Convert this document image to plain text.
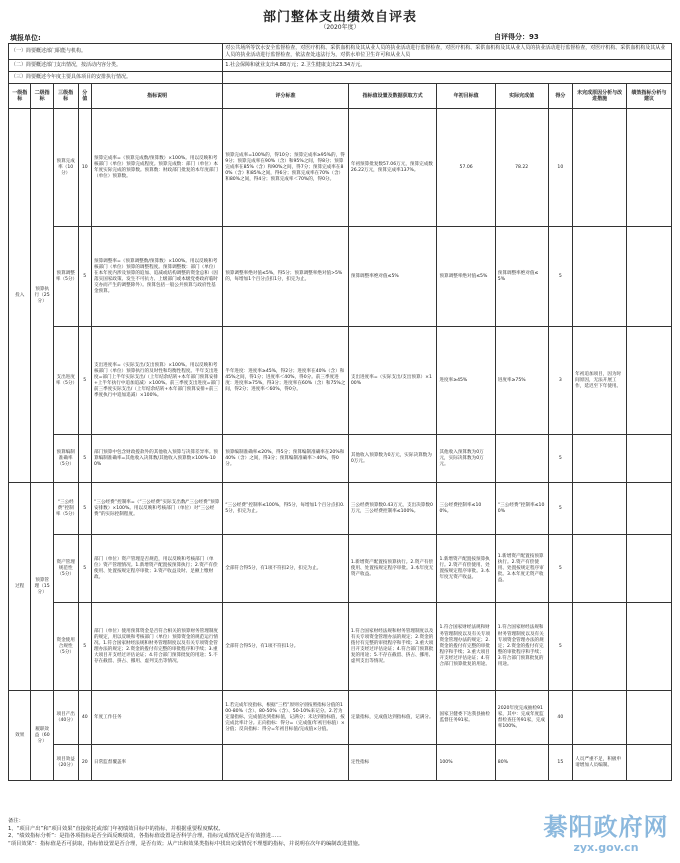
部门整体支出绩效自评表
（2020年度）
填报单位:	自评得分：93
（一）简要概述部门职能与机构。					对公共场所等饮水安全监督检查，对医疗机构、采供血机构及其从业人员的执业活动进行监督检查，对医疗机构、采供血机构及其从业人员的执业活动进行监督检查，对医疗机构、采供血机构及其从业人员的执业活动进行监督检查，依法查处违法行为，对供水单位卫生许可和从业人员						
（二）简要概述部门支出情况，按活动内容分类。					1.社会保障和就业支出4.88万元；2.卫生健康支出23.34万元。						
（三）简要概述今年度主要具体项目的安排执行情况。											
一级指标	二级指标	三级指标	分值	指标说明	评分标准	指标值设置及数据获取方式	年初目标值	实际完成值	得分	未完成原因分析与改进措施	绩效指标分析与建议
投入	预算执行（25分）	预算完成率（10分）	10	预算完成率=（预算完成数/预算数）×100%。用以反映和考核部门（单位）预算完成程度。预算完成数：部门（单位）本年度实际完成的预算数。预算数：财政部门批复的本年度部门（单位）预算数。	预算完成率=100%的，得10分；预算完成率≥95%的，得9分；预算完成率在90%（含）和95%之间，得8分；预算完成率在85%（含）和90%之间，得7分；预算完成率在80%（含）和85%之间，得6分；预算完成率在70%（含）和80%之间，得4分；预算完成率＜70%的，得0分。	年初预算批复数57.06万元，预算完成数26.22万元，预算完成率137%。	57.06	78.22	10		
		预算调整率（5分）	5	预算调整率=（预算调整数/预算数）×100%。用以反映和考核部门（单位）预算的调整程度。预算调整数：部门（单位）在本年度内涉及预算的追加、追减或结构调整的资金总和（因落实国家政策、发生不可抗力、上级部门或本级党委政府临时交办而产生的调整除外）。预算包括一般公共预算与政府性基金预算。	预算调整率绝对值≤5%，得5分；预算调整率绝对值>5%的，每增加1个百分点扣1分，扣完为止。	预算调整率绝对值≤5%	预算调整率绝对值≤5%	预算调整率绝对值≤5%	5		
		支出进度率（5分）	5	支出进度率=（实际支出/支出预算）×100%。用以反映和考核部门（单位）预算执行的及时性和均衡性程度。半年支出进度=部门上半年实际支出/（上年结余结转+本年部门预算安排+上半年执行中追加追减）×100%。前三季度支出进度=部门前三季度实际支出/（上年结余结转+本年部门预算安排+前三季度执行中追加追减）×100%。	半年进度：进度率≥45%，得2分；进度率在40%（含）和45%之间，得1分；进度率＜40%，得0分。前三季度进度：进度率≥75%，得3分；进度率在60%（含）和75%之间，得2分；进度率＜60%，得0分。	支出进度率=（实际支出/支出预算）×100%	进度率≥45%	进度率≥75%	3	年初追加项目，因为时间原因，无法开展工作，延迟至下年使用。	
		预算编制准确率（5分）	5	部门预算中包含财政拨款外的其他收入预算与决算差异率。预算编制准确率=其他收入决算数/其他收入预算数×100%-100%	预算编制准确率≤20%，得5分；预算编制准确率在20%和40%（含）之间，得3分；预算编制准确率＞40%，得0分。	其他收入预算数为0万元，实际决算数为0万元。	其他收入预算数为0万元，实际决算数为0万元。		5		
过程	预算管理（15分）	“三公经费”控制率（5分）	5	“三公经费”控制率=（“三公经费”实际支出数/“三公经费”预算安排数）×100%。用以反映和考核部门（单位）对“三公经费”的实际控制程度。	“三公经费”控制率≤100%，得5分，每增加1个百分点扣0.5分，扣完为止。	三公经费预算数0.43万元，支出决算数0万元，三公经费控制率≤100%。	三公经费控制率≤100%。	“三公经费”控制率≤100%	5		
		资产管理规范性（5分）	5	部门（单位）资产管理是否规范，用以反映和考核部门（单位）资产管理情况。1.新增资产配置按预算执行；2.资产有偿使用、处置按规定程序审批；3.资产收益及时、足额上缴财政。	全部符合得5分，有1项不符扣2分，扣完为止。	1.新增资产配置按预算执行。2.资产有偿使用、处置按规定程序审批。3.本年度无资产收益。	1.新增资产配置按预算执行。2.资产有偿使用、处置按规定程序审批。3.本年度无资产收益。	1.新增资产配置按预算执行。2.资产有偿使用、处置按规定程序审批。3.本年度无资产收益。	5		
		资金使用合规性（5分）	5	部门（单位）使用预算资金是否符合相关的预算财务管理制度的规定，用以反映和考核部门（单位）预算资金的规范运行情况。1.符合国家财经法规和财务管理制度以及有关专项资金管理办法的规定；2.资金的拨付有完整的审批程序和手续；3.重大项目开支经过评估论证；4.符合部门预算批复的用途；5.不存在截留、挤占、挪用、虚列支出等情况。	全部符合得5分，有1项不符扣1分。	1.符合国家财经法规和财务管理制度以及有关专项资金管理办法的规定；2.资金的拨付有完整的审批程序和手续；3.重大项目开支经过评估论证；4.符合部门预算批复的用途；5.不存在截留、挤占、挪用、虚列支出等情况。	1.符合国家财经法规和财务管理制度以及有关专项资金管理办法的规定；2.资金的拨付有完整的审批程序和手续；3.重大项目开支经过评估论证；4.符合部门预算批复的用途。	1.符合国家财经法规和财务管理制度以及有关专项资金管理办法的规定；2.资金的拨付有完整的审批程序和手续；3.符合部门预算批复的用途。	5		
效果	履职效益（60分）	项目产出（40分）	40	年度工作任务	1.若完成年度指标，根据“三档”原则分别按照指标分值的100-80%（含）、80-50%（含）、50-10%来记分。2.若为定量指标，完成值达到指标值，记满分；未达到指标值，按完成比率计分。正向指标：得分=（完成值/年初目标值）×分值；反向指标：得分=年初目标值/完成值×分值。	定量指标，完成值达到指标值，记满分。	国家卫健委下达我县抽检监督任务91家。	2020年度完成抽检91家，其中：完成年度监督检查任务91家，完成率100%。	40		
		项目效益（20分）	20	日常监督覆盖率		定性指标	100%	80%	15	人员严重不足，积极申请增加人员编制。	
备注：
1、“项目产出”和“项目效果”直接依托或部门年初绩效目标中的指标，并根据重要程度赋权。
2、“绩效指标分析”：是指各项指标是否全面反映绩效，各指标值设置是否科学合理，指标完成情况是否有效推进……
“项目效果”：指标值是否可获取，指标值设置是否合理，是否有效；从产出和效果类指标中找出完成情况不理想的指标，并说明在次年的编制改进措施。
綦阳政府网
zyx.gov.cn
